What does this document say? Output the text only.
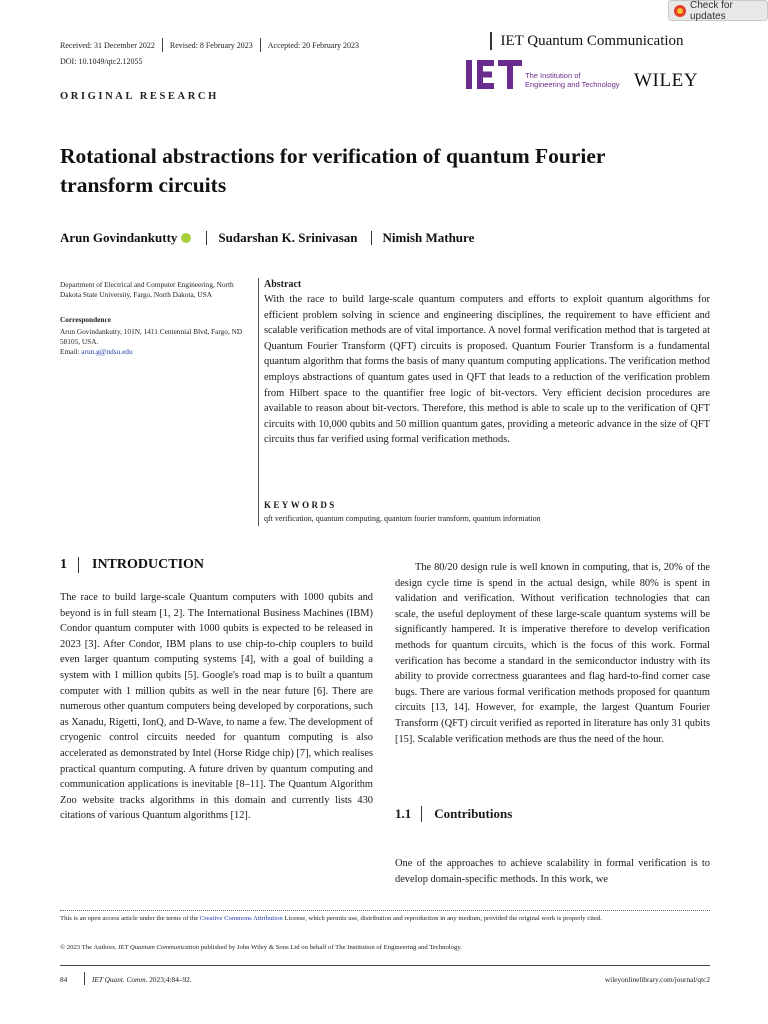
Check for updates
Received: 31 December 2022 Revised: 8 February 2023 Accepted: 20 February 2023	IET Quantum Communication
DOI: 10.1049/qtc2.12055
The Institution of
Engineering and Technology WILEY
ORIGINAL RESEARCH
Rotational abstractions for verification of quantum Fourier transform circuits
Arun Govindankutty	Sudarshan K. Srinivasan Nimish Mathure
Department of Electrical and Computer Engineering, North Dakota State University, Fargo, North Dakota, USA
Correspondence
Arun Govindankutty, 101N, 1411 Centennial Blvd, Fargo, ND 58105, USA.
Email: arun.g@ndsu.edu
Abstract
With the race to build large-scale quantum computers and efforts to exploit quantum algorithms for efficient problem solving in science and engineering disciplines, the requirement to have efficient and scalable verification methods are of vital importance. A novel formal verification method that is targeted at Quantum Fourier Transform (QFT) circuits is proposed. Quantum Fourier Transform is a fundamental quantum algorithm that forms the basis of many quantum computing applications. The verification method employs abstractions of quantum gates used in QFT that leads to a reduction of the verification problem from Hilbert space to the quantifier free logic of bit-vectors. Very efficient decision procedures are available to reason about bit-vectors. Therefore, this method is able to scale up to the verification of QFT circuits with 10,000 qubits and 50 million quantum gates, providing a meteoric advance in the size of QFT circuits thus far verified using formal verification methods.
KEYWORDS
qft verification, quantum computing, quantum fourier transform, quantum information
1 INTRODUCTION

The race to build large-scale Quantum computers with 1000 qubits and beyond is in full steam [1, 2]. The International Business Machines (IBM) Condor quantum computer with 1000 qubits is expected to be released in 2023 [3]. After Condor, IBM plans to use chip-to-chip couplers to build even larger quantum computing systems [4], with a goal of building a system with 1 million qubits [5]. Google's road map is to built a quantum computer with 1 million qubits as well in the near future [6]. There are numerous other quantum computers being developed by corporations, such as Xanadu, Rigetti, IonQ, and D-Wave, to name a few. The development of cryogenic control circuits needed for quantum computing is also accelerated as demonstrated by Intel (Horse Ridge chip) [7], which realises practical quantum computing. A future driven by quantum computing and communication applications is inevitable [8–11]. The Quantum Algorithm Zoo website tracks algorithms in this domain and currently lists 430 citations of various Quantum algorithms [12].

The 80/20 design rule is well known in computing, that is, 20% of the design cycle time is spend in the actual design, while 80% is spent in validation and verification. Without verification technologies that can scale, the useful deployment of these large-scale quantum systems will be significantly hampered. It is imperative therefore to develop verification methods for quantum circuits, which is the focus of this work. Formal verification has become a standard in the semiconductor industry with its ability to provide correctness guarantees and flag hard-to-find corner case bugs. There are various formal verification methods proposed for quantum circuits [13, 14]. However, for example, the largest Quantum Fourier Transform (QFT) circuit verified as reported in literature has only 31 qubits [15]. Scalable verification methods are thus the need of the hour.

1.1 Contributions

One of the approaches to achieve scalability in formal verification is to develop domain-specific methods. In this work, we

This is an open access article under the terms of the Creative Commons Attribution License, which permits use, distribution and reproduction in any medium, provided the original work is properly cited.
© 2023 The Authors. IET Quantum Communication published by John Wiley & Sons Ltd on behalf of The Institution of Engineering and Technology.
84	IET Quant. Comm. 2023;4:84–92.	wileyonlinelibrary.com/journal/qtc2
